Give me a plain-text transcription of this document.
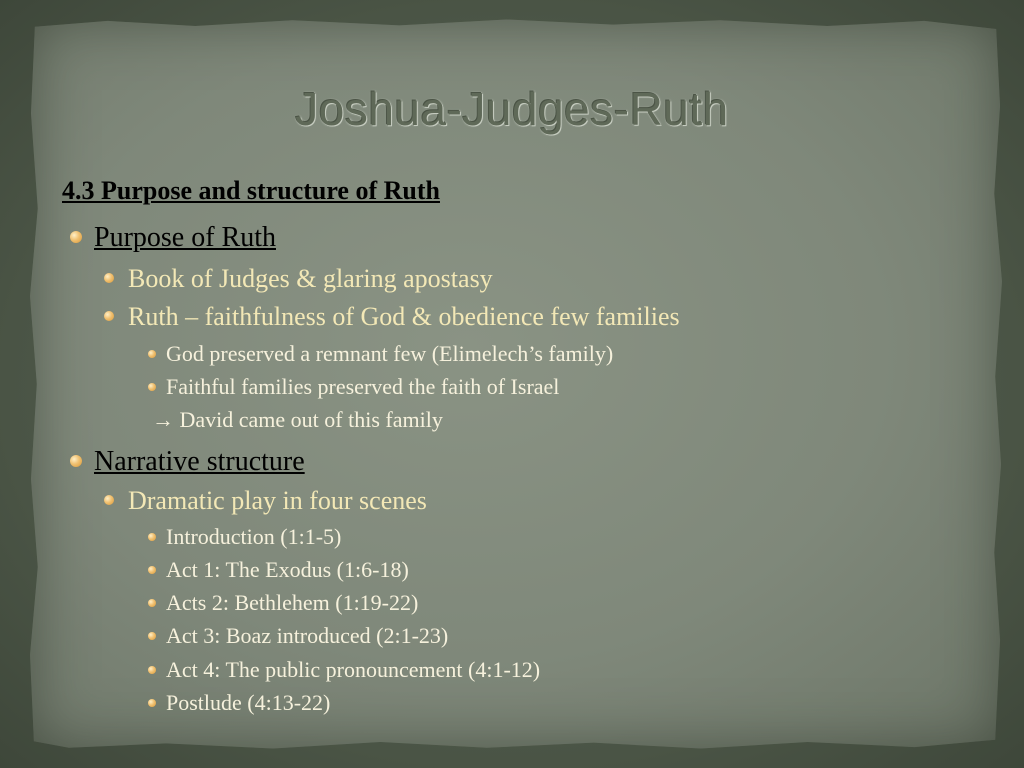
Joshua-Judges-Ruth

4.3 Purpose and structure of Ruth

Purpose of Ruth
Book of Judges & glaring apostasy
Ruth – faithfulness of God & obedience few families
God preserved a remnant few (Elimelech’s family)
Faithful families preserved the faith of Israel
→ David came out of this family
Narrative structure
Dramatic play in four scenes
Introduction (1:1-5)
Act 1: The Exodus (1:6-18)
Acts 2: Bethlehem (1:19-22)
Act 3: Boaz introduced (2:1-23)
Act 4: The public pronouncement (4:1-12)
Postlude (4:13-22)
